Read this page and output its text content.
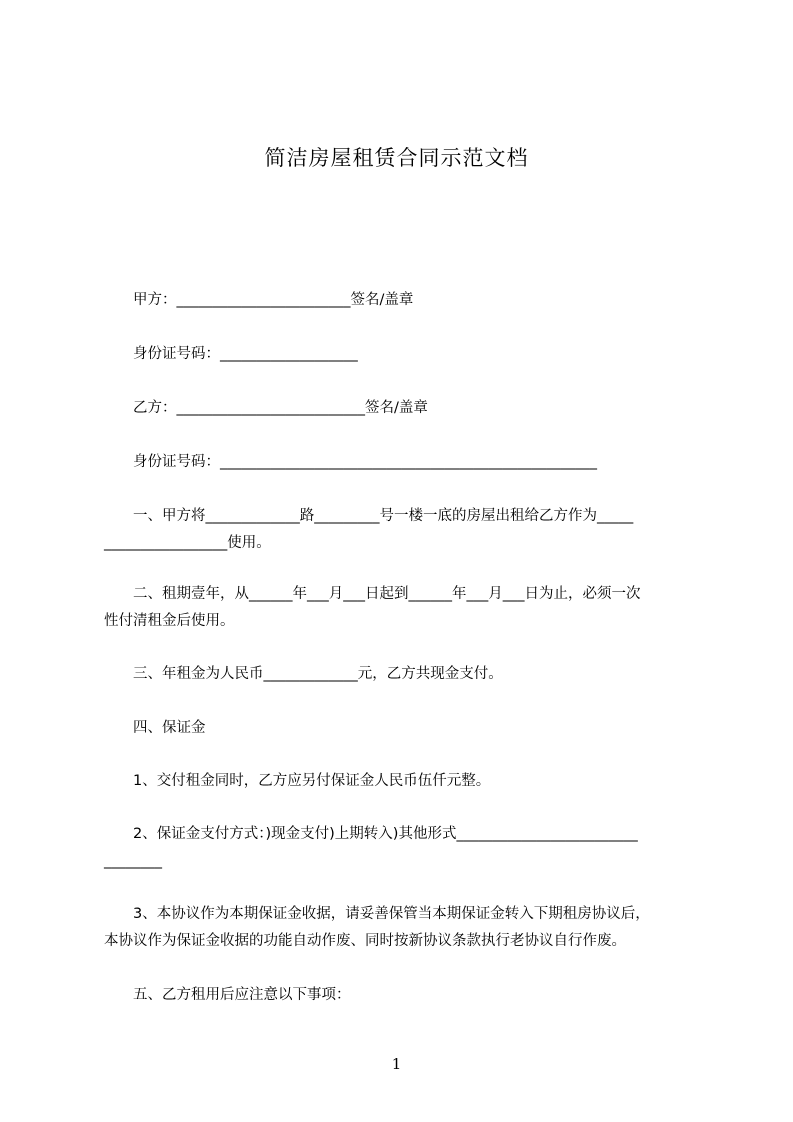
简洁房屋租赁合同示范文档
　　甲方：________________________签名/盖章
　　身份证号码：___________________
　　乙方：__________________________签名/盖章
　　身份证号码：____________________________________________________
　　一、甲方将_____________路_________号一楼一底的房屋出租给乙方作为_____
_________________使用。
　　二、租期壹年，从______年___月___日起到______年___月___日为止，必须一次
性付清租金后使用。
　　三、年租金为人民币_____________元，乙方共现金支付。
　　四、保证金
　　1、交付租金同时，乙方应另付保证金人民币伍仟元整。
　　2、保证金支付方式：)现金支付)上期转入)其他形式_________________________
________
　　3、本协议作为本期保证金收据，请妥善保管当本期保证金转入下期租房协议后，
本协议作为保证金收据的功能自动作废、同时按新协议条款执行老协议自行作废。
　　五、乙方租用后应注意以下事项：
1
